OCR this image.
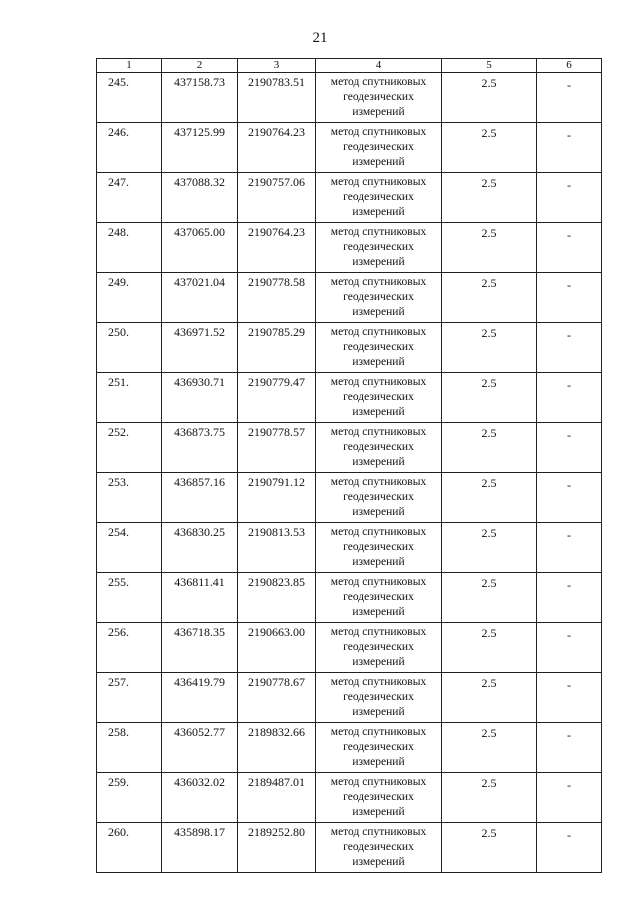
21
1	2	3	4	5	6
245.	437158.73	2190783.51	метод спутниковых
геодезических
измерений	2.5	-
246.	437125.99	2190764.23	метод спутниковых
геодезических
измерений	2.5	-
247.	437088.32	2190757.06	метод спутниковых
геодезических
измерений	2.5	-
248.	437065.00	2190764.23	метод спутниковых
геодезических
измерений	2.5	-
249.	437021.04	2190778.58	метод спутниковых
геодезических
измерений	2.5	-
250.	436971.52	2190785.29	метод спутниковых
геодезических
измерений	2.5	-
251.	436930.71	2190779.47	метод спутниковых
геодезических
измерений	2.5	-
252.	436873.75	2190778.57	метод спутниковых
геодезических
измерений	2.5	-
253.	436857.16	2190791.12	метод спутниковых
геодезических
измерений	2.5	-
254.	436830.25	2190813.53	метод спутниковых
геодезических
измерений	2.5	-
255.	436811.41	2190823.85	метод спутниковых
геодезических
измерений	2.5	-
256.	436718.35	2190663.00	метод спутниковых
геодезических
измерений	2.5	-
257.	436419.79	2190778.67	метод спутниковых
геодезических
измерений	2.5	-
258.	436052.77	2189832.66	метод спутниковых
геодезических
измерений	2.5	-
259.	436032.02	2189487.01	метод спутниковых
геодезических
измерений	2.5	-
260.	435898.17	2189252.80	метод спутниковых
геодезических
измерений	2.5	-
